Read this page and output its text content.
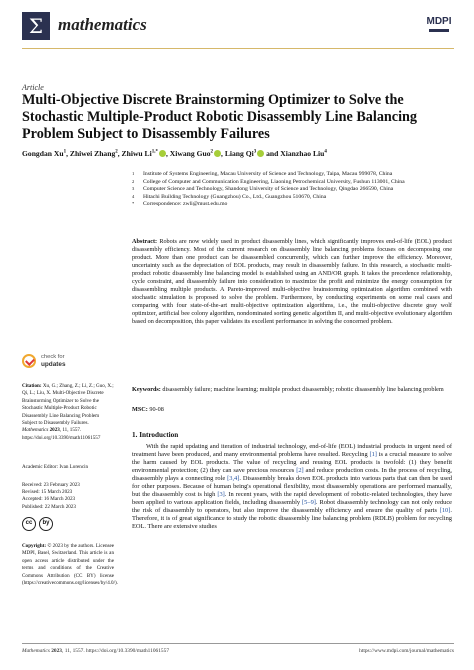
Σ mathematics	MDPI
Article
Multi-Objective Discrete Brainstorming Optimizer to Solve the Stochastic Multiple-Product Robotic Disassembly Line Balancing Problem Subject to Disassembly Failures
Gongdan Xu$^1$, Zhiwei Zhang$^2$, Zhiwu $Li^{1,*}$ , Xiwang Guo$^2$ , Liang Qi$^3$ and Xianzhao Liu$^4$
1 Institute of Systems Engineering, Macau University of Science and Technology, Taipa, Macau 999078, China
2 College of Computer and Communication Engineering, Liaoning Petrochemical University, Fushun 113001, China
3 Computer Science and Technology, Shandong University of Science and Technology, Qingdao 266590, China
4 Hitachi Building Technology (Guangzhou) Co., Ltd., Guangzhou 510670, China
* Correspondence: zwli@must.edu.mo

Abstract: Robots are now widely used in product disassembly lines, which significantly improves end-of-life (EOL) product disassembly efficiency. Most of the current research on disassembly line balancing problems focuses on decomposing one product. More than one product can be disassembled concurrently, which can further improve the efficiency. Moreover, uncertainty such as the depreciation of EOL products, may result in disassembly failure. In this research, a stochastic multi-product robotic disassembly line balancing model is established using an AND/OR graph. It takes the precedence relationship, cycle constraint, and disassembly failure into consideration to maximize the profit and minimize the energy consumption for disassembling multiple products. A Pareto-improved multi-objective brainstorming optimization algorithm combined with stochastic simulation is proposed to solve the problem. Furthermore, by conducting experiments on some real cases and comparing with four state-of-the-art multi-objective optimization algorithms, i.e., the multi-objective discrete gray wolf optimizer, artificial bee colony algorithm, nondominated sorting genetic algorithm II, and multi-objective evolutionary algorithm based on decomposition, this paper validates its excellent performance in solving the concerned problem.

Keywords: disassembly failure; machine learning; multiple product disassembly; robotic disassembly line balancing problem

MSC: 90-08
1. Introduction

With the rapid updating and iteration of industrial technology, end-of-life (EOL) industrial products in urgent need of treatment have been produced, and many environmental problems have resulted. Recycling [1] is a crucial measure to solve the harm caused by EOL products. The value of recycling and reusing EOL products is twofold: (1) they benefit environmental protection; (2) they can save precious resources [2] and reduce production costs. In the process of recycling, disassembly plays a connecting role [3,4]. Disassembly breaks down EOL products into various parts that can then be used for other purposes. Because of human being's operational flexibility, most disassembly operations are performed manually, but the disassembly cost is high [3]. In recent years, with the rapid development of robotic-related technologies, they have been applied to various application fields, including disassembly [5–9]. Robot disassembly technology can not only reduce the risk of disassembly to operators, but also improve the disassembly efficiency and ensure the quality of parts [10]. Therefore, it is of great significance to study the robotic disassembly line balancing problem (RDLB) problem for recycling EOL. There are extensive studies

check for
updates

Citation: Xu, G.; Zhang, Z.; Li, Z.; Guo, X.; Qi, L.; Liu, X. Multi-Objective Discrete Brainstorming Optimizer to Solve the Stochastic Multiple-Product Robotic Disassembly Line Balancing Problem Subject to Disassembly Failures. Mathematics 2023, 11, 1557. https://doi.org/10.3390/math11061557

Academic Editor: Ivan Lorencin
Received: 23 February 2023
Revised: 15 March 2023
Accepted: 16 March 2023
Published: 22 March 2023
cc	by

Copyright: © 2023 by the authors. Licensee MDPI, Basel, Switzerland. This article is an open access article distributed under the terms and conditions of the Creative Commons Attribution (CC BY) license (https://creativecommons.org/licenses/by/4.0/).

Mathematics 2023, 11, 1557. https://doi.org/10.3390/math11061557	https://www.mdpi.com/journal/mathematics
